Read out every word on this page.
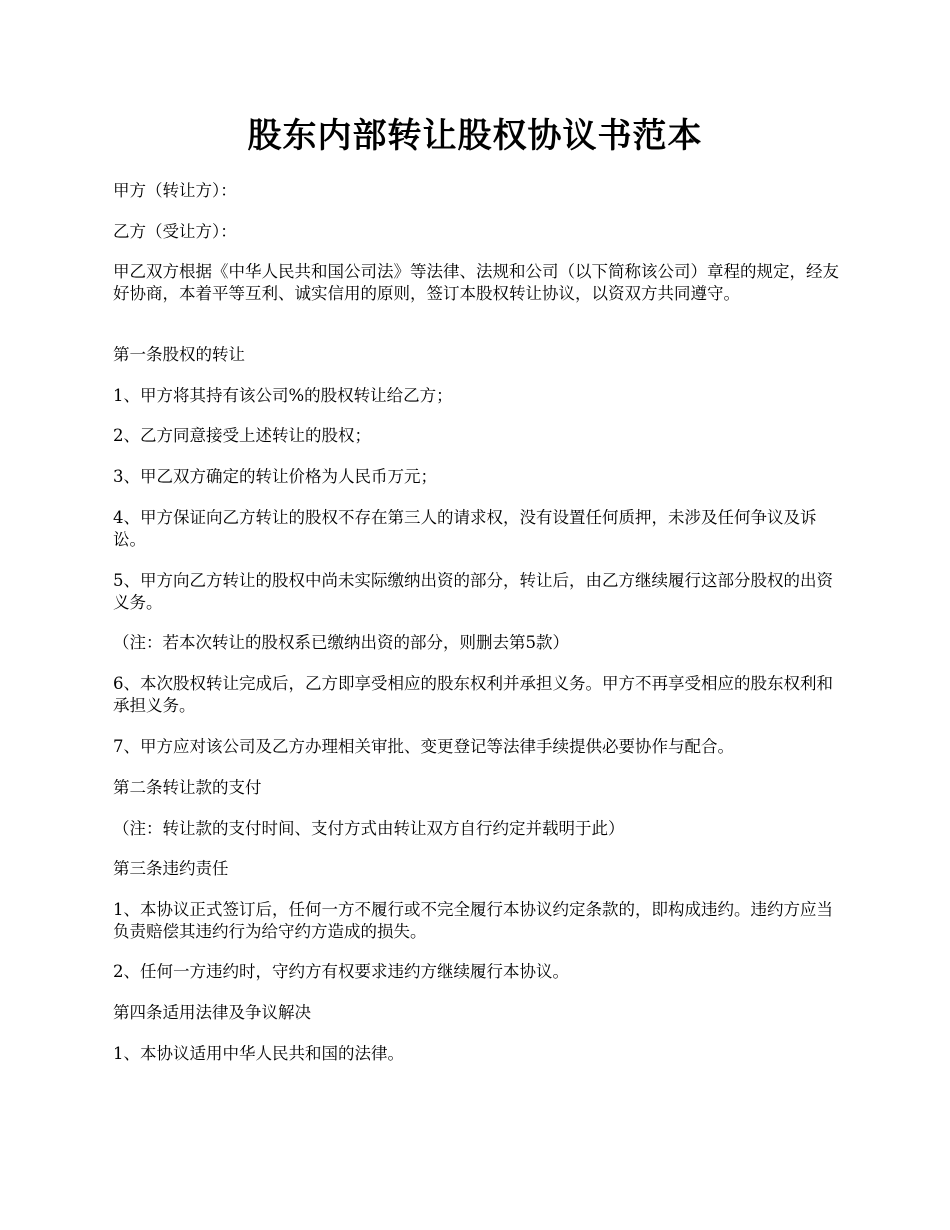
股东内部转让股权协议书范本

甲方（转让方）：

乙方（受让方）：

甲乙双方根据《中华人民共和国公司法》等法律、法规和公司（以下简称该公司）章程的规定，经友好协商，本着平等互利、诚实信用的原则，签订本股权转让协议，以资双方共同遵守。

第一条股权的转让

1、甲方将其持有该公司%的股权转让给乙方；

2、乙方同意接受上述转让的股权；

3、甲乙双方确定的转让价格为人民币万元；

4、甲方保证向乙方转让的股权不存在第三人的请求权，没有设置任何质押，未涉及任何争议及诉讼。

5、甲方向乙方转让的股权中尚未实际缴纳出资的部分，转让后，由乙方继续履行这部分股权的出资义务。

（注：若本次转让的股权系已缴纳出资的部分，则删去第5款）

6、本次股权转让完成后，乙方即享受相应的股东权利并承担义务。甲方不再享受相应的股东权利和承担义务。

7、甲方应对该公司及乙方办理相关审批、变更登记等法律手续提供必要协作与配合。

第二条转让款的支付

（注：转让款的支付时间、支付方式由转让双方自行约定并载明于此）

第三条违约责任

1、本协议正式签订后，任何一方不履行或不完全履行本协议约定条款的，即构成违约。违约方应当负责赔偿其违约行为给守约方造成的损失。

2、任何一方违约时，守约方有权要求违约方继续履行本协议。

第四条适用法律及争议解决

1、本协议适用中华人民共和国的法律。
